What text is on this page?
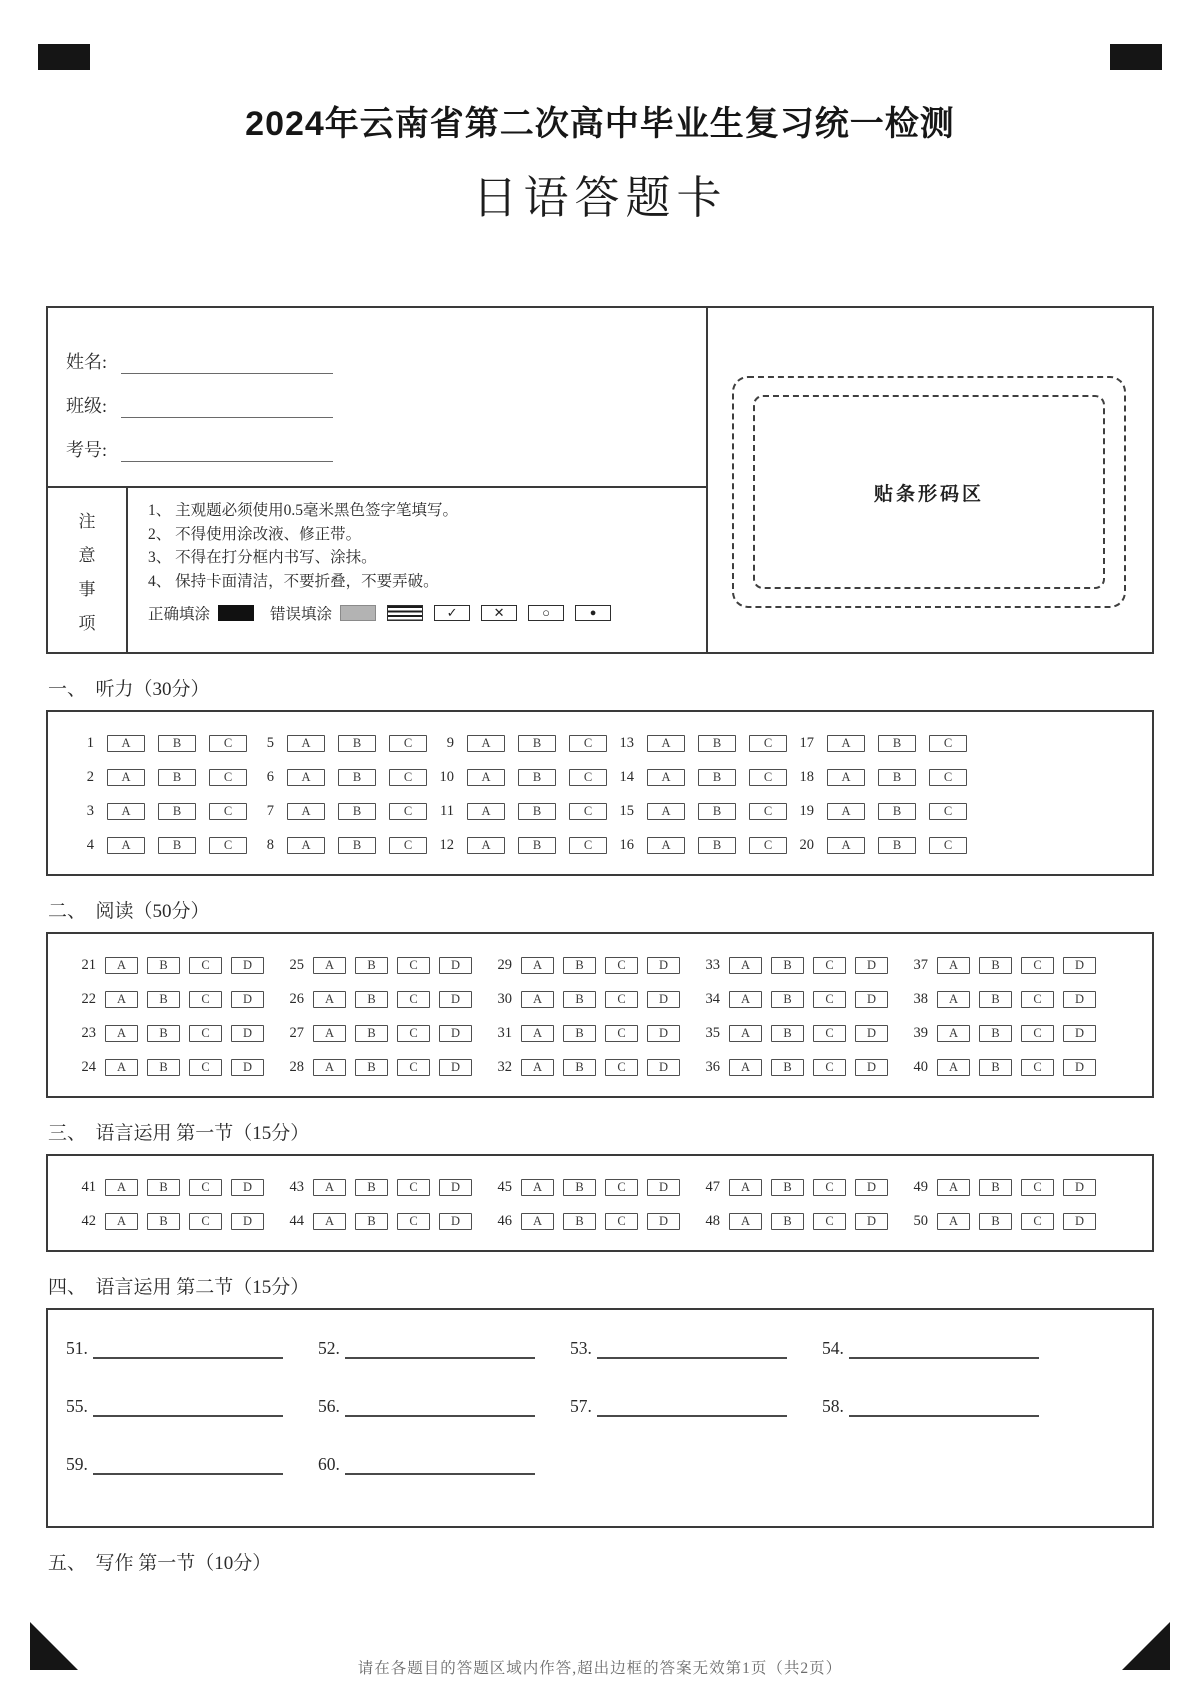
2024年云南省第二次高中毕业生复习统一检测
日语答题卡
姓名:
班级:
考号:
注
意
事
项
1、 主观题必须使用0.5毫米黑色签字笔填写。
2、 不得使用涂改液、修正带。
3、 不得在打分框内书写、涂抹。
4、 保持卡面清洁，不要折叠，不要弄破。
正确填涂	错误填涂	✓	✕	○	●
贴条形码区
一、　听力（30分）
1	A	B	C	5	A	B	C	9	A	B	C	13	A	B	C	17	A	B	C
2	A	B	C	6	A	B	C	10	A	B	C	14	A	B	C	18	A	B	C
3	A	B	C	7	A	B	C	11	A	B	C	15	A	B	C	19	A	B	C
4	A	B	C	8	A	B	C	12	A	B	C	16	A	B	C	20	A	B	C
二、　阅读（50分）
21	A	B	C	D	25	A	B	C	D	29	A	B	C	D	33	A	B	C	D	37	A	B	C	D
22	A	B	C	D	26	A	B	C	D	30	A	B	C	D	34	A	B	C	D	38	A	B	C	D
23	A	B	C	D	27	A	B	C	D	31	A	B	C	D	35	A	B	C	D	39	A	B	C	D
24	A	B	C	D	28	A	B	C	D	32	A	B	C	D	36	A	B	C	D	40	A	B	C	D
三、　语言运用 第一节（15分）
41	A	B	C	D	43	A	B	C	D	45	A	B	C	D	47	A	B	C	D	49	A	B	C	D
42	A	B	C	D	44	A	B	C	D	46	A	B	C	D	48	A	B	C	D	50	A	B	C	D
四、　语言运用 第二节（15分）
51.	52.	53.	54.
55.	56.	57.	58.
59.	60.
五、　写作 第一节（10分）
请在各题目的答题区域内作答,超出边框的答案无效第1页（共2页）
